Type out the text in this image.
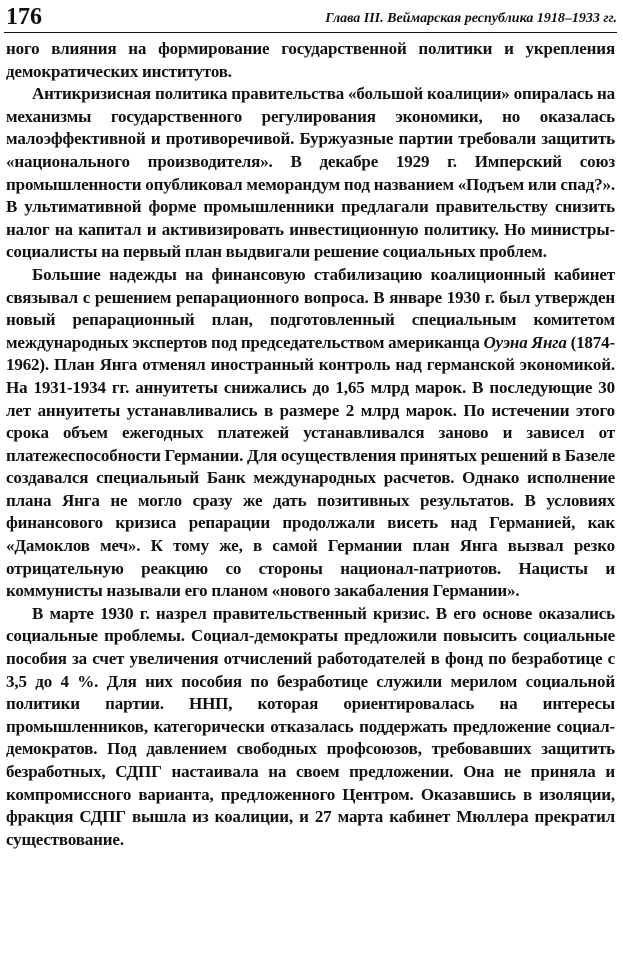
176	Глава III. Веймарская республика 1918–1933 гг.

ного влияния на формирование государственной политики и укрепления демократических институтов.

Антикризисная политика правительства «большой коалиции» опиралась на механизмы государственного регулирования экономики, но оказалась малоэффективной и противоречивой. Буржуазные партии требовали защитить «национального производителя». В декабре 1929 г. Имперский союз промышленности опубликовал меморандум под названием «Подъем или спад?». В ультимативной форме промышленники предлагали правительству снизить налог на капитал и активизировать инвестиционную политику. Но министры-социалисты на первый план выдвигали решение социальных проблем.

Большие надежды на финансовую стабилизацию коалиционный кабинет связывал с решением репарационного вопроса. В январе 1930 г. был утвержден новый репарационный план, подготовленный специальным комитетом международных экспертов под председательством американца Оуэна Янга (1874-1962). План Янга отменял иностранный контроль над германской экономикой. На 1931-1934 гг. аннуитеты снижались до 1,65 млрд марок. В последующие 30 лет аннуитеты устанавливались в размере 2 млрд марок. По истечении этого срока объем ежегодных платежей устанавливался заново и зависел от платежеспособности Германии. Для осуществления принятых решений в Базеле создавался специальный Банк международных расчетов. Однако исполнение плана Янга не могло сразу же дать позитивных результатов. В условиях финансового кризиса репарации продолжали висеть над Германией, как «Дамоклов меч». К тому же, в самой Германии план Янга вызвал резко отрицательную реакцию со стороны национал-патриотов. Нацисты и коммунисты называли его планом «нового закабаления Германии».

В марте 1930 г. назрел правительственный кризис. В его основе оказались социальные проблемы. Социал-демократы предложили повысить социальные пособия за счет увеличения отчислений работодателей в фонд по безработице с 3,5 до 4 %. Для них пособия по безработице служили мерилом социальной политики партии. ННП, которая ориентировалась на интересы промышленников, категорически отказалась поддержать предложение социал-демократов. Под давлением свободных профсоюзов, требовавших защитить безработных, СДПГ настаивала на своем предложении. Она не приняла и компромиссного варианта, предложенного Центром. Оказавшись в изоляции, фракция СДПГ вышла из коалиции, и 27 марта кабинет Мюллера прекратил существование.
